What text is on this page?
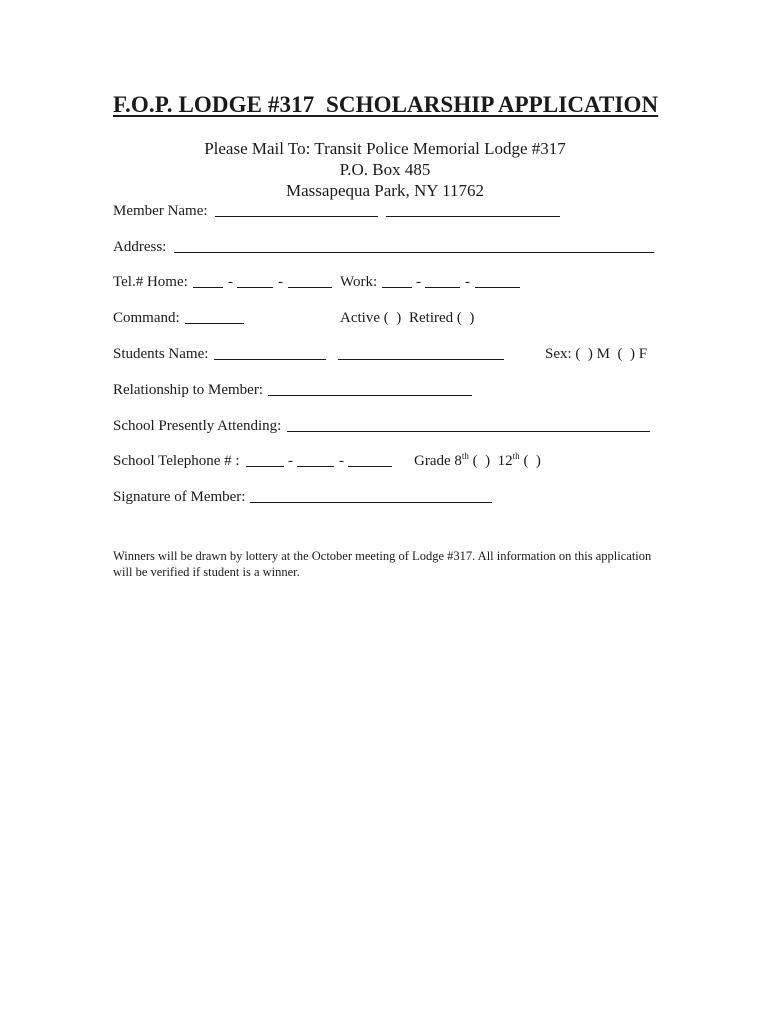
F.O.P. LODGE #317  SCHOLARSHIP APPLICATION
Please Mail To: Transit Police Memorial Lodge #317
P.O. Box 485
Massapequa Park, NY 11762
Member Name:
Address:
Tel.# Home:	-	-	Work:	-	-
Command:	Active (  ) Retired (  )
Students Name:	Sex: (  ) M  (  ) F
Relationship to Member:
School Presently Attending:
School Telephone # :	-	-	Grade 8th (  )  12th (  )
Signature of Member:
Winners will be drawn by lottery at the October meeting of Lodge #317. All information on this application
will be verified if student is a winner.
